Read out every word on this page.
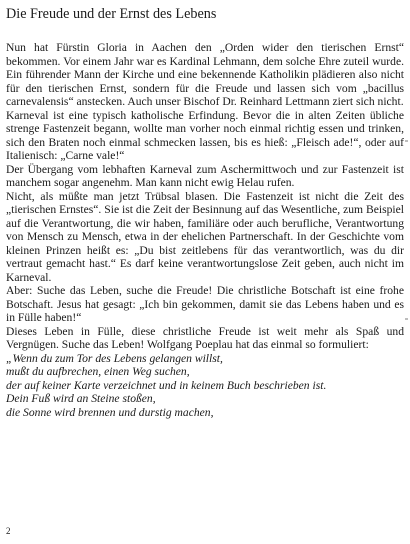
Die Freude und der Ernst des Lebens

Nun hat Fürstin Gloria in Aachen den „Orden wider den tierischen Ernst“ bekommen. Vor einem Jahr war es Kardinal Lehmann, dem solche Ehre zuteil wurde. Ein führender Mann der Kirche und eine bekennende Katholikin plädieren also nicht für den tierischen Ernst, sondern für die Freude und lassen sich vom „bacillus carnevalensis“ anstecken. Auch unser Bischof Dr. Reinhard Lettmann ziert sich nicht.

Karneval ist eine typisch katholische Erfindung. Bevor die in alten Zeiten übliche strenge Fastenzeit begann, wollte man vorher noch einmal richtig essen und trinken, sich den Braten noch einmal schmecken lassen, bis es hieß: „Fleisch ade!“, oder auf Italienisch: „Carne vale!“

Der Übergang vom lebhaften Karneval zum Aschermittwoch und zur Fastenzeit ist manchem sogar angenehm. Man kann nicht ewig Helau rufen.

Nicht, als müßte man jetzt Trübsal blasen. Die Fastenzeit ist nicht die Zeit des „tierischen Ernstes“. Sie ist die Zeit der Besinnung auf das Wesentliche, zum Beispiel auf die Verantwortung, die wir haben, familiäre oder auch berufliche, Verantwortung von Mensch zu Mensch, etwa in der ehelichen Partnerschaft. In der Geschichte vom kleinen Prinzen heißt es: „Du bist zeitlebens für das verantwortlich, was du dir vertraut gemacht hast.“ Es darf keine verantwortungslose Zeit geben, auch nicht im Karneval.

Aber: Suche das Leben, suche die Freude! Die christliche Botschaft ist eine frohe Botschaft. Jesus hat gesagt: „Ich bin gekommen, damit sie das Lebens haben und es in Fülle haben!“

Dieses Leben in Fülle, diese christliche Freude ist weit mehr als Spaß und Vergnügen. Suche das Leben! Wolfgang Poeplau hat das einmal so formuliert:

„Wenn du zum Tor des Lebens gelangen willst,
mußt du aufbrechen, einen Weg suchen,
der auf keiner Karte verzeichnet und in keinem Buch beschrieben ist.
Dein Fuß wird an Steine stoßen,
die Sonne wird brennen und durstig machen,
2
